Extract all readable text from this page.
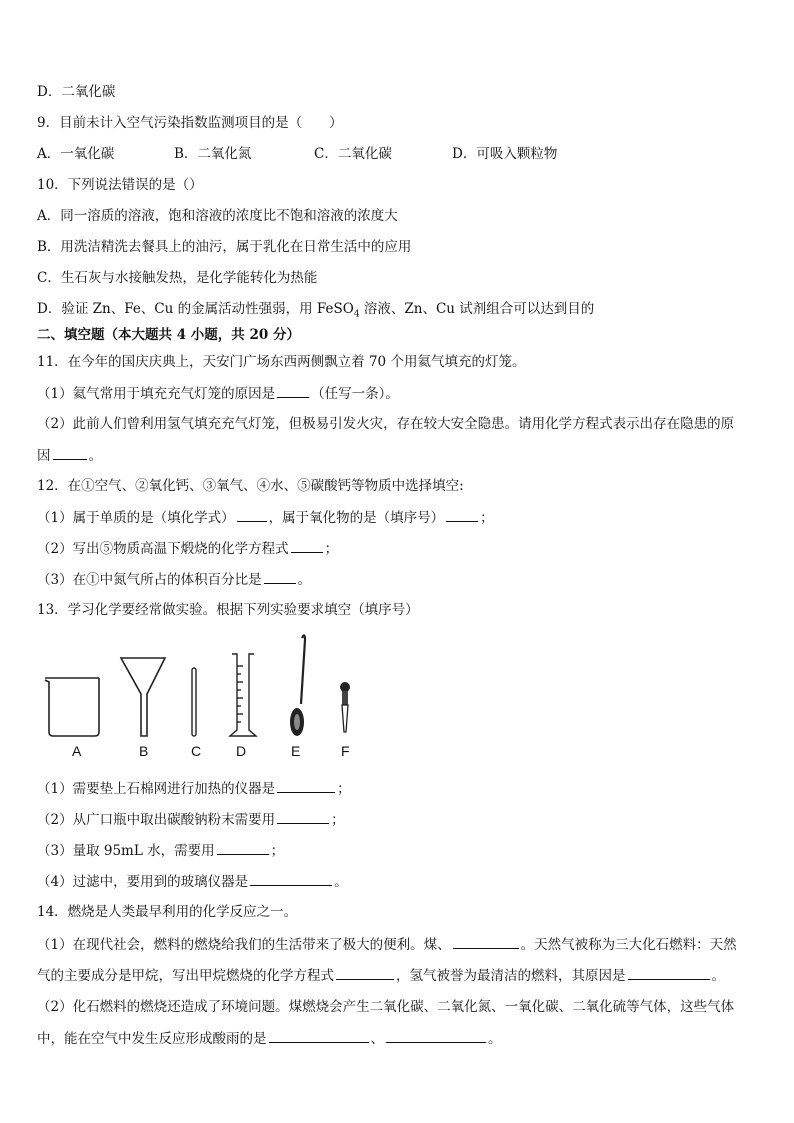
D．二氧化碳
9．目前未计入空气污染指数监测项目的是（　　）
A．一氧化碳	B．二氧化氮	C．二氧化碳	D．可吸入颗粒物
10．下列说法错误的是（）
A．同一溶质的溶液，饱和溶液的浓度比不饱和溶液的浓度大
B．用洗洁精洗去餐具上的油污，属于乳化在日常生活中的应用
C．生石灰与水接触发热，是化学能转化为热能
D．验证 Zn、Fe、Cu 的金属活动性强弱，用 FeSO$_4$ 溶液、Zn、Cu 试剂组合可以达到目的
二、填空题（本大题共 4 小题，共 20 分）
11．在今年的国庆庆典上，天安门广场东西两侧飘立着 70 个用氦气填充的灯笼。
（1）氦气常用于填充充气灯笼的原因是	（任写一条）。
（2）此前人们曾利用氢气填充充气灯笼，但极易引发火灾，存在较大安全隐患。请用化学方程式表示出存在隐患的原
因	。
12．在①空气、②氧化钙、③氧气、④水、⑤碳酸钙等物质中选择填空:
（1）属于单质的是（填化学式）	，属于氧化物的是（填序号）	；
（2）写出⑤物质高温下煅烧的化学方程式	；
（3）在①中氮气所占的体积百分比是	。
13．学习化学要经常做实验。根据下列实验要求填空（填序号）
A	B	C D	E	F
（1）需要垫上石棉网进行加热的仪器是	；
（2）从广口瓶中取出碳酸钠粉末需要用	；
（3）量取 95mL 水，需要用	；
（4）过滤中，要用到的玻璃仪器是	。
14．燃烧是人类最早利用的化学反应之一。
（1）在现代社会，燃料的燃烧给我们的生活带来了极大的便利。煤、	。天然气被称为三大化石燃料：天然
气的主要成分是甲烷，写出甲烷燃烧的化学方程式	，氢气被誉为最清洁的燃料，其原因是	。
（2）化石燃料的燃烧还造成了环境问题。煤燃烧会产生二氧化碳、二氧化氮、一氧化碳、二氧化硫等气体，这些气体
中，能在空气中发生反应形成酸雨的是	、	。
